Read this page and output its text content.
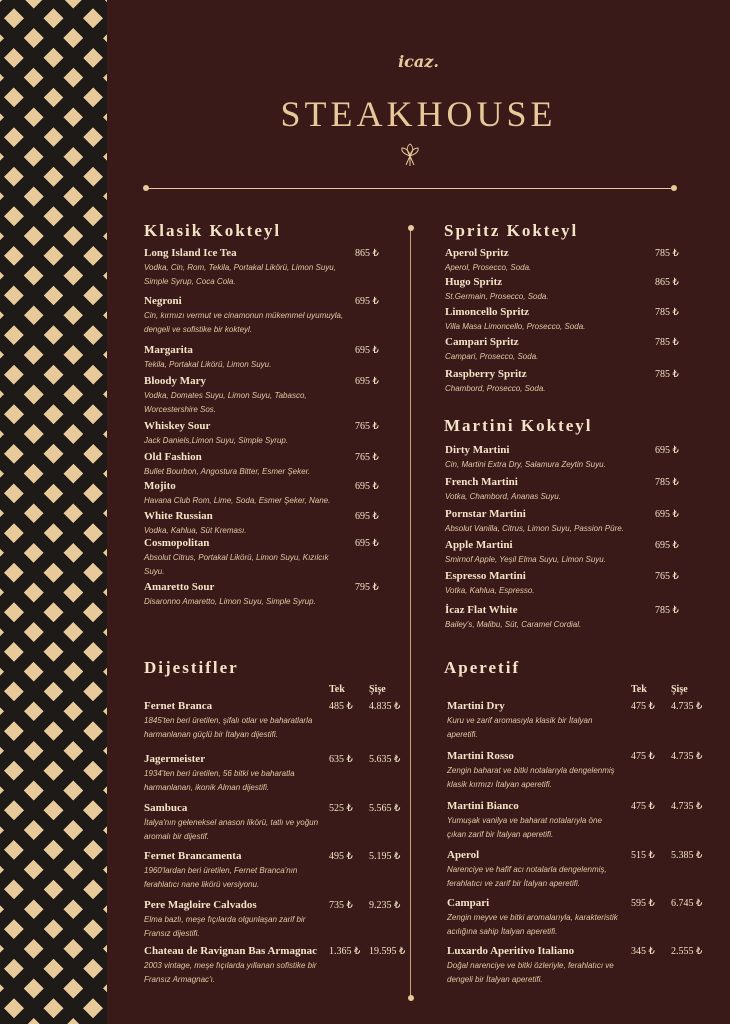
icaz.
STEAKHOUSE
Klasik Kokteyl
Long Island Ice Tea
Vodka, Cin, Rom, Tekila, Portakal Likörü, Limon Suyu, Simple Syrup, Coca Cola.
865 ₺
Negroni
Cin, kırmızı vermut ve cinamonun mükemmel uyumuyla, dengeli ve sofistike bir kokteyl.
695 ₺
Margarita
Tekila, Portakal Likörü, Limon Suyu.
695 ₺
Bloody Mary
Vodka, Domates Suyu, Limon Suyu, Tabasco, Worcestershire Sos.
695 ₺
Whiskey Sour
Jack Daniels,Limon Suyu, Simple Syrup.
765 ₺
Old Fashion
Bullet Bourbon, Angostura Bitter, Esmer Şeker.
765 ₺
Mojito
Havana Club Rom, Lime, Soda, Esmer Şeker, Nane.
695 ₺
White Russian
Vodka, Kahlua, Süt Kreması.
695 ₺
Cosmopolitan
Absolut Citrus, Portakal Likörü, Limon Suyu, Kızılcık Suyu.
695 ₺
Amaretto Sour
Disaronno Amaretto, Limon Suyu, Simple Syrup.
795 ₺
Spritz Kokteyl
Aperol Spritz
Aperol, Prosecco, Soda.
785 ₺
Hugo Spritz
St.Germain, Prosecco, Soda.
865 ₺
Limoncello Spritz
Villa Masa Limoncello, Prosecco, Soda.
785 ₺
Campari Spritz
Campari, Prosecco, Soda.
785 ₺
Raspberry Spritz
Chambord, Prosecco, Soda.
785 ₺
Martini Kokteyl
Dirty Martini
Cin, Martini Extra Dry, Salamura Zeytin Suyu.
695 ₺
French Martini
Votka, Chambord, Ananas Suyu.
785 ₺
Pornstar Martini
Absolut Vanilla, Citrus, Limon Suyu, Passion Püre.
695 ₺
Apple Martini
Smirnof Apple, Yeşil Elma Suyu, Limon Suyu.
695 ₺
Espresso Martini
Votka, Kahlua, Espresso.
765 ₺
İcaz Flat White
Bailey's, Malibu, Süt, Caramel Cordial.
785 ₺
Dijestifler
Tek Şişe
Fernet Branca
1845'ten beri üretilen, şifalı otlar ve baharatlarla harmanlanan güçlü bir İtalyan dijestifi.
485 ₺ 4.835 ₺
Jagermeister
1934'ten beri üretilen, 56 bitki ve baharatla harmanlanan, ikonik Alman dijestifi.
635 ₺ 5.635 ₺
Sambuca
İtalya'nın geleneksel anason likörü, tatlı ve yoğun aromalı bir dijestif.
525 ₺ 5.565 ₺
Fernet Brancamenta
1960'lardan beri üretilen, Fernet Branca'nın ferahlatıcı nane likörü versiyonu.
495 ₺ 5.195 ₺
Pere Magloire Calvados
Elma bazlı, meşe fıçılarda olgunlaşan zarif bir Fransız dijestifi.
735 ₺ 9.235 ₺
Chateau de Ravignan Bas Armagnac
2003 vintage, meşe fıçılarda yıllanan sofistike bir Fransız Armagnac'ı.
1.365 ₺ 19.595 ₺
Aperetif
Tek Şişe
Martini Dry
Kuru ve zarif aromasıyla klasik bir İtalyan aperetifi.
475 ₺ 4.735 ₺
Martini Rosso
Zengin baharat ve bitki notalarıyla dengelenmiş klasik kırmızı İtalyan aperetifi.
475 ₺ 4.735 ₺
Martini Bianco
Yumuşak vanilya ve baharat notalarıyla öne çıkan zarif bir İtalyan aperetifi.
475 ₺ 4.735 ₺
Aperol
Narenciye ve hafif acı notalarla dengelenmiş, ferahlatıcı ve zarif bir İtalyan aperetifi.
515 ₺ 5.385 ₺
Campari
Zengin meyve ve bitki aromalarıyla, karakteristik acılığına sahip İtalyan aperetifi.
595 ₺ 6.745 ₺
Luxardo Aperitivo Italiano
Doğal narenciye ve bitki özleriyle, ferahlatıcı ve dengeli bir İtalyan aperetifi.
345 ₺ 2.555 ₺
